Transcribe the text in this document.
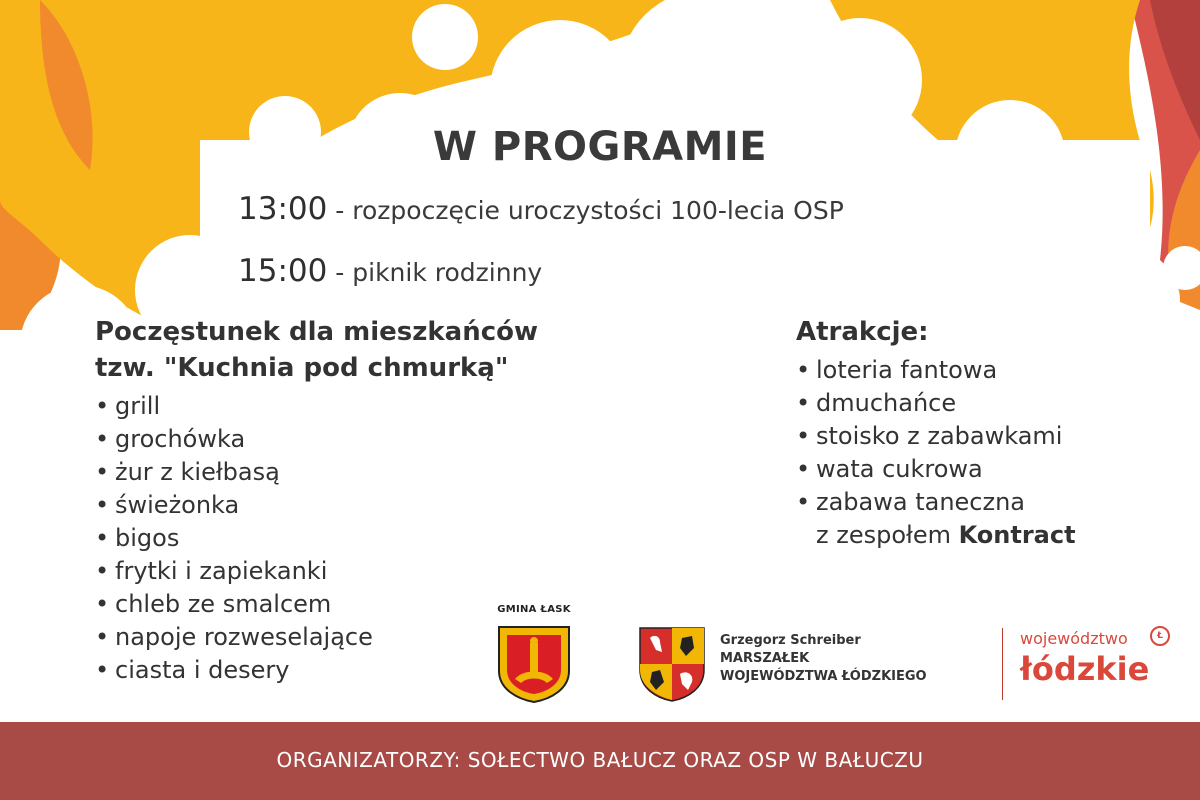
W PROGRAMIE
13:00 - rozpoczęcie uroczystości 100-lecia OSP
15:00 - piknik rodzinny
Poczęstunek dla mieszkańców
tzw. "Kuchnia pod chmurką"
• grill
• grochówka
• żur z kiełbasą
• świeżonka
• bigos
• frytki i zapiekanki
• chleb ze smalcem
• napoje rozweselające
• ciasta i desery
Atrakcje:
• loteria fantowa
• dmuchańce
• stoisko z zabawkami
• wata cukrowa
• zabawa taneczna
z zespołem Kontract
GMINA ŁASK
Grzegorz Schreiber
MARSZAŁEK
WOJEWÓDZTWA ŁÓDZKIEGO
województwo	Ł
łódzkie
ORGANIZATORZY: SOŁECTWO BAŁUCZ ORAZ OSP W BAŁUCZU
